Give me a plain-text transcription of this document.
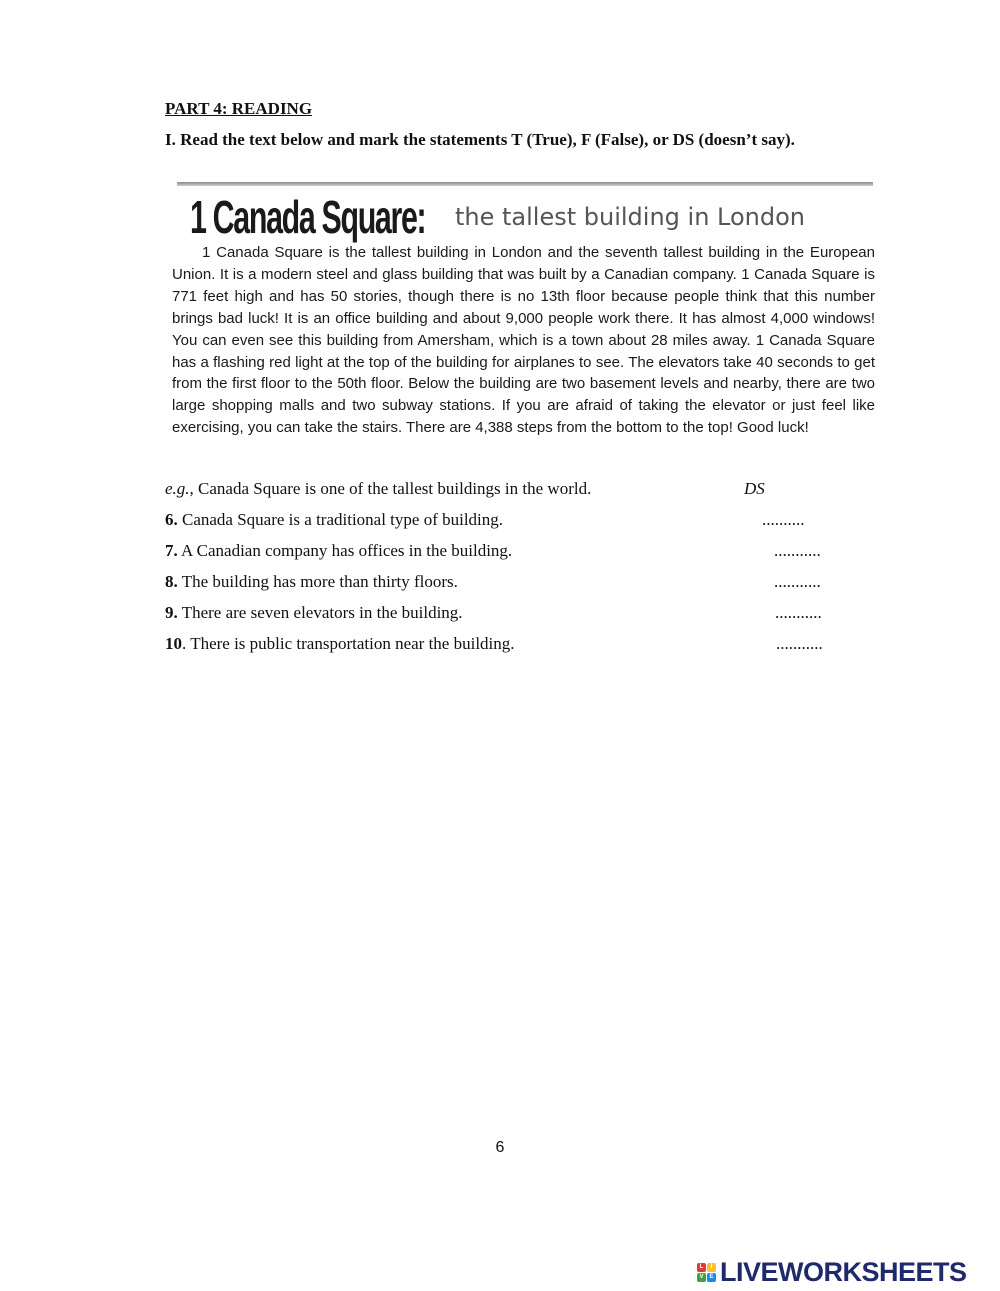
PART 4: READING

I. Read the text below and mark the statements T (True), F (False), or DS (doesn’t say).

1 Canada Square: the tallest building in London

1 Canada Square is the tallest building in London and the seventh tallest building in the European Union. It is a modern steel and glass building that was built by a Canadian company. 1 Canada Square is 771 feet high and has 50 stories, though there is no 13th floor because people think that this number brings bad luck! It is an office building and about 9,000 people work there. It has almost 4,000 windows! You can even see this building from Amersham, which is a town about 28 miles away. 1 Canada Square has a flashing red light at the top of the building for airplanes to see. The elevators take 40 seconds to get from the first floor to the 50th floor. Below the building are two basement levels and nearby, there are two large shopping malls and two subway stations. If you are afraid of taking the elevator or just feel like exercising, you can take the stairs. There are 4,388 steps from the bottom to the top! Good luck!

e.g., Canada Square is one of the tallest buildings in the world.	DS
6. Canada Square is a traditional type of building.	..........
7. A Canadian company has offices in the building.	...........
8. The building has more than thirty floors.	...........
9. There are seven elevators in the building.	...........
10. There is public transportation near the building.	...........
6
L	I
V E LIVEWORKSHEETS
